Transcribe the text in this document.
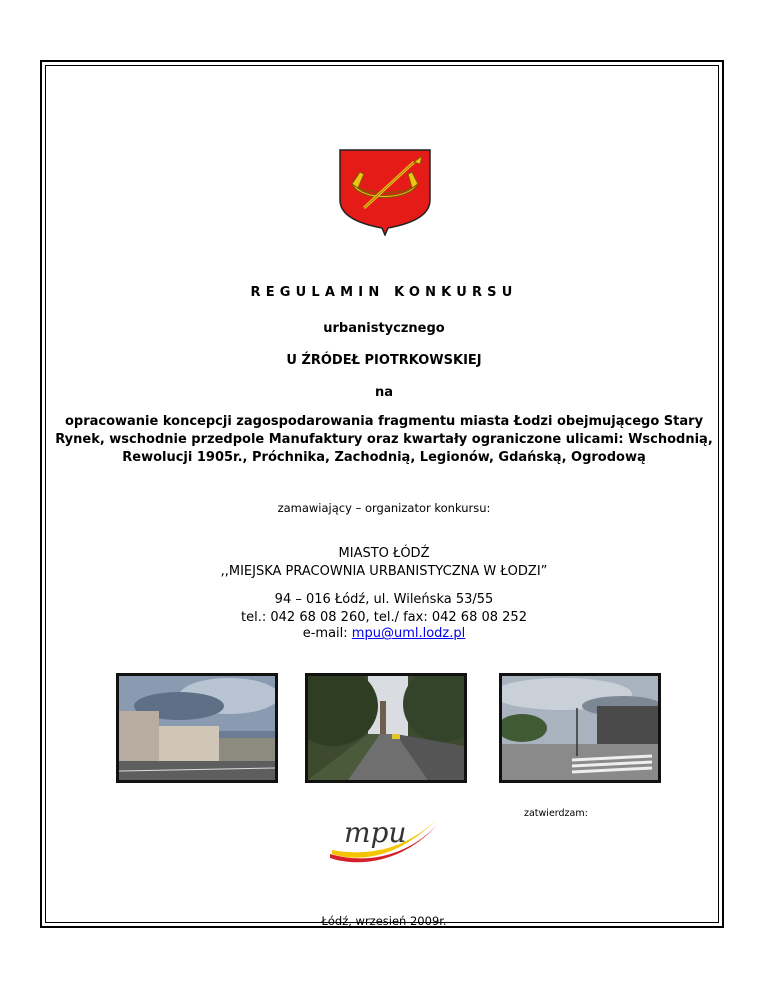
REGULAMIN KONKURSU
urbanistycznego
U ŹRÓDEŁ PIOTRKOWSKIEJ
na
opracowanie koncepcji zagospodarowania fragmentu miasta Łodzi obejmującego Stary
Rynek, wschodnie przedpole Manufaktury oraz kwartały ograniczone ulicami: Wschodnią,
Rewolucji 1905r., Próchnika, Zachodnią, Legionów, Gdańską, Ogrodową
zamawiający – organizator konkursu:
MIASTO ŁÓDŹ
,,MIEJSKA PRACOWNIA URBANISTYCZNA W ŁODZI”
94 – 016 Łódź, ul. Wileńska 53/55
tel.: 042 68 08 260, tel./ fax: 042 68 08 252
e-mail: mpu@uml.lodz.pl
zatwierdzam:
mpu
Łódź, wrzesień 2009r.
